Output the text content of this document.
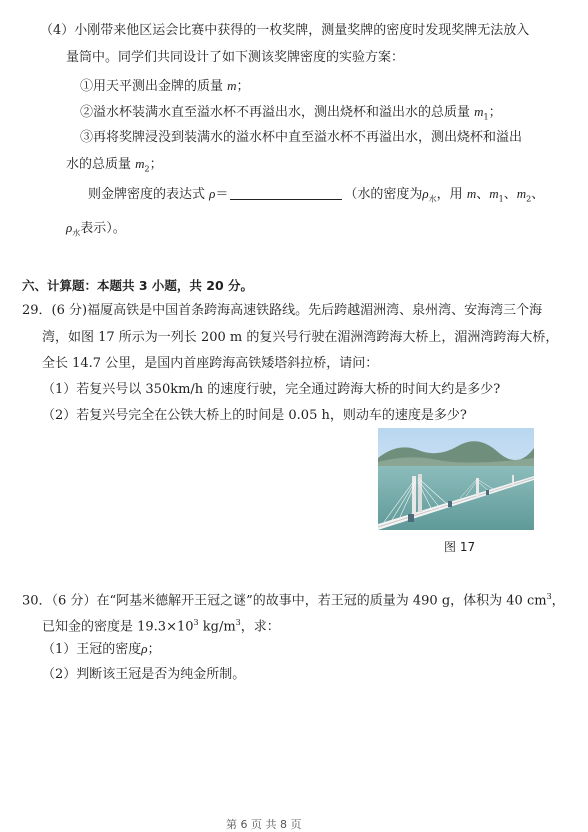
（4）小刚带来他区运会比赛中获得的一枚奖牌，测量奖牌的密度时发现奖牌无法放入
量筒中。同学们共同设计了如下测该奖牌密度的实验方案：
①用天平测出金牌的质量 m；
②溢水杯装满水直至溢水杯不再溢出水，测出烧杯和溢出水的总质量 $m_1$；
③再将奖牌浸没到装满水的溢水杯中直至溢水杯不再溢出水，测出烧杯和溢出
水的总质量 $m_2$；
则金牌密度的表达式 ρ＝	（水的密度为$\rho_水$，用 m、$m_1$、$m_2$、
$\rho_水$表示）。
六、计算题：本题共 3 小题，共 20 分。
29．(6 分)福厦高铁是中国首条跨海高速铁路线。先后跨越湄洲湾、泉州湾、安海湾三个海
湾，如图 17 所示为一列长 200 m 的复兴号行驶在湄洲湾跨海大桥上，湄洲湾跨海大桥，
全长 14.7 公里，是国内首座跨海高铁矮塔斜拉桥，请问：
（1）若复兴号以 350km/h 的速度行驶，完全通过跨海大桥的时间大约是多少?
（2）若复兴号完全在公铁大桥上的时间是 0.05 h，则动车的速度是多少?
图 17
30．（6 分）在“阿基米德解开王冠之谜”的故事中，若王冠的质量为 490 g，体积为 40 $cm^3$，
已知金的密度是 $19.3\times 10^3$ $kg/m^3$，求：
（1）王冠的密度ρ；
（2）判断该王冠是否为纯金所制。
第 6 页 共 8 页
